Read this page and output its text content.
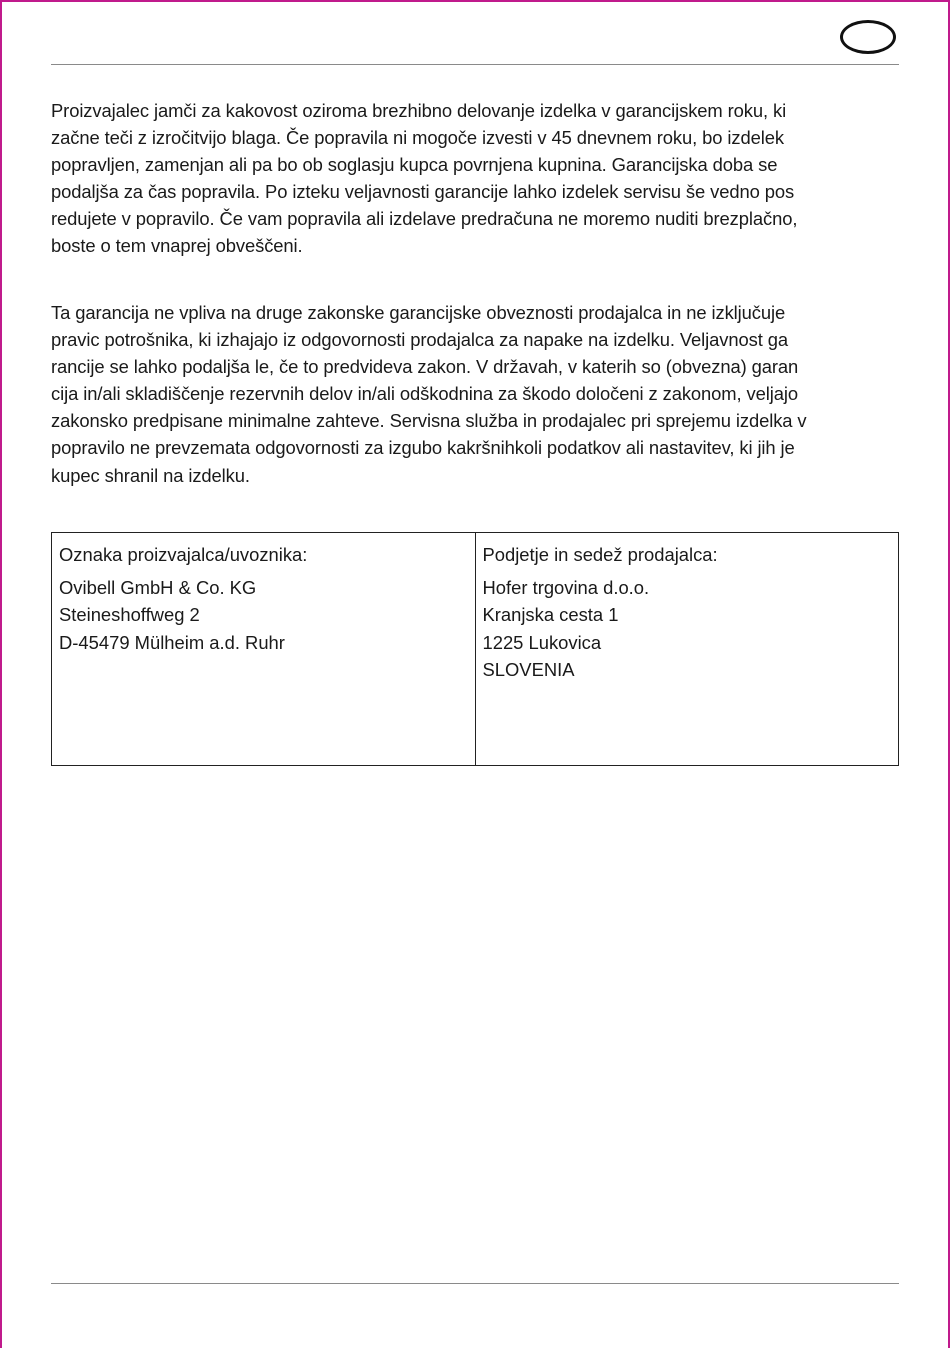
Proizvajalec jamči za kakovost oziroma brezhibno delovanje izdelka v garancijskem roku, ki
začne teči z izročitvijo blaga. Če popravila ni mogoče izvesti v 45 dnevnem roku, bo izdelek
popravljen, zamenjan ali pa bo ob soglasju kupca povrnjena kupnina. Garancijska doba se
podaljša za čas popravila. Po izteku veljavnosti garancije lahko izdelek servisu še vedno pos
redujete v popravilo. Če vam popravila ali izdelave predračuna ne moremo nuditi brezplačno,
boste o tem vnaprej obveščeni.

Ta garancija ne vpliva na druge zakonske garancijske obveznosti prodajalca in ne izključuje
pravic potrošnika, ki izhajajo iz odgovornosti prodajalca za napake na izdelku. Veljavnost ga
rancije se lahko podaljša le, če to predvideva zakon. V državah, v katerih so (obvezna) garan
cija in/ali skladiščenje rezervnih delov in/ali odškodnina za škodo določeni z zakonom, veljajo
zakonsko predpisane minimalne zahteve. Servisna služba in prodajalec pri sprejemu izdelka v
popravilo ne prevzemata odgovornosti za izgubo kakršnihkoli podatkov ali nastavitev, ki jih je
kupec shranil na izdelku.

Oznaka proizvajalca/uvoznika:
Ovibell GmbH & Co. KG
Steineshoffweg 2
D-45479 Mülheim a.d. Ruhr
Podjetje in sedež prodajalca:
Hofer trgovina d.o.o.
Kranjska cesta 1
1225 Lukovica
SLOVENIA
